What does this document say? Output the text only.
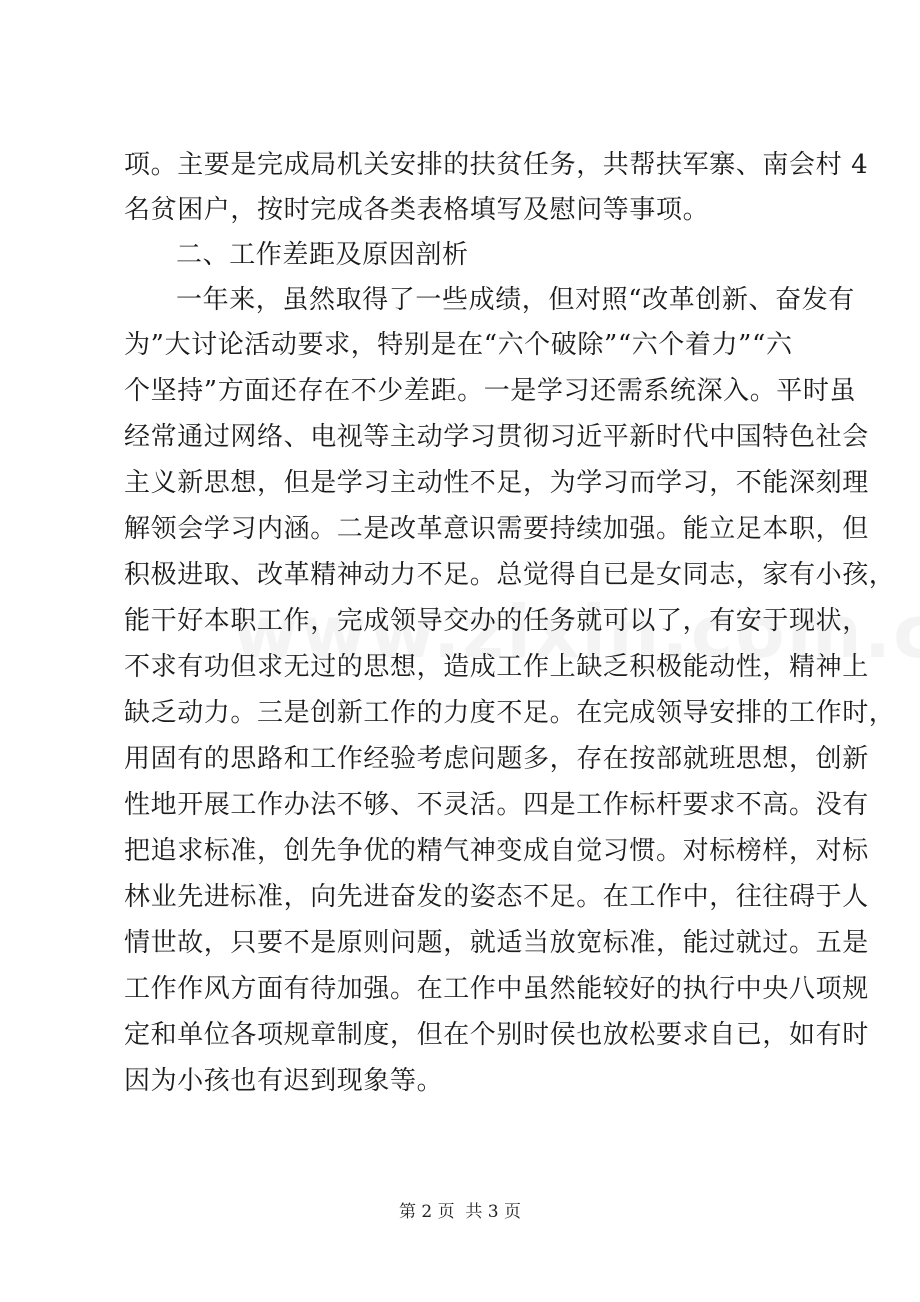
项。主要是完成局机关安排的扶贫任务，共帮扶军寨、南会村 4
名贫困户，按时完成各类表格填写及慰问等事项。
二、工作差距及原因剖析
一年来，虽然取得了一些成绩，但对照“改革创新、奋发有
为”大讨论活动要求，特别是在“六个破除”“六个着力”“六
个坚持”方面还存在不少差距。一是学习还需系统深入。平时虽
经常通过网络、电视等主动学习贯彻习近平新时代中国特色社会
主义新思想，但是学习主动性不足，为学习而学习，不能深刻理
解领会学习内涵。二是改革意识需要持续加强。能立足本职，但
积极进取、改革精神动力不足。总觉得自已是女同志，家有小孩，
能干好本职工作，完成领导交办的任务就可以了，有安于现状，
不求有功但求无过的思想，造成工作上缺乏积极能动性，精神上
缺乏动力。三是创新工作的力度不足。在完成领导安排的工作时，
用固有的思路和工作经验考虑问题多，存在按部就班思想，创新
性地开展工作办法不够、不灵活。四是工作标杆要求不高。没有
把追求标准，创先争优的精气神变成自觉习惯。对标榜样，对标
林业先进标准，向先进奋发的姿态不足。在工作中，往往碍于人
情世故，只要不是原则问题，就适当放宽标准，能过就过。五是
工作作风方面有待加强。在工作中虽然能较好的执行中央八项规
定和单位各项规章制度，但在个别时侯也放松要求自已，如有时
因为小孩也有迟到现象等。
第 2 页  共 3 页
